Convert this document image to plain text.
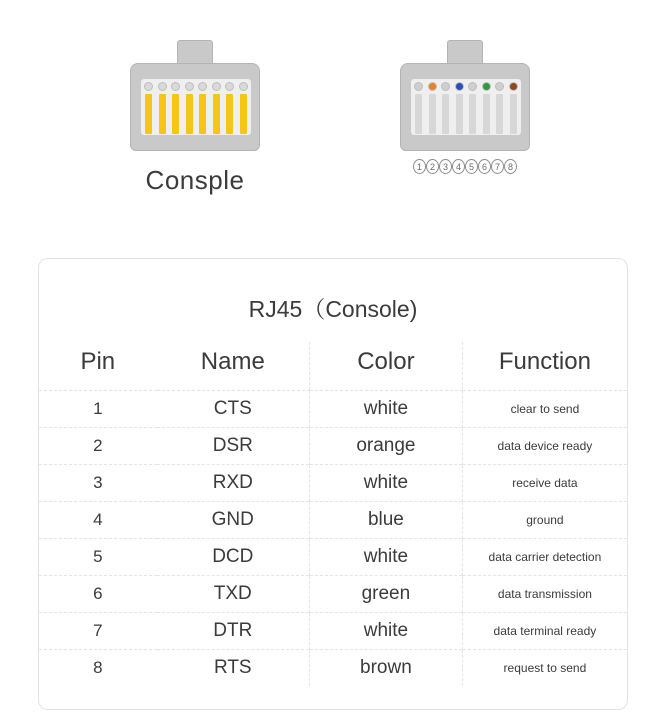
Consple	1 2 3 4 5 6 7 8
RJ45（Console)
Pin	Name	Color	Function
1	CTS	white	clear to send
2	DSR	orange	data device ready
3	RXD	white	receive data
4	GND	blue	ground
5	DCD	white	data carrier detection
6	TXD	green	data transmission
7	DTR	white	data terminal ready
8	RTS	brown	request to send
